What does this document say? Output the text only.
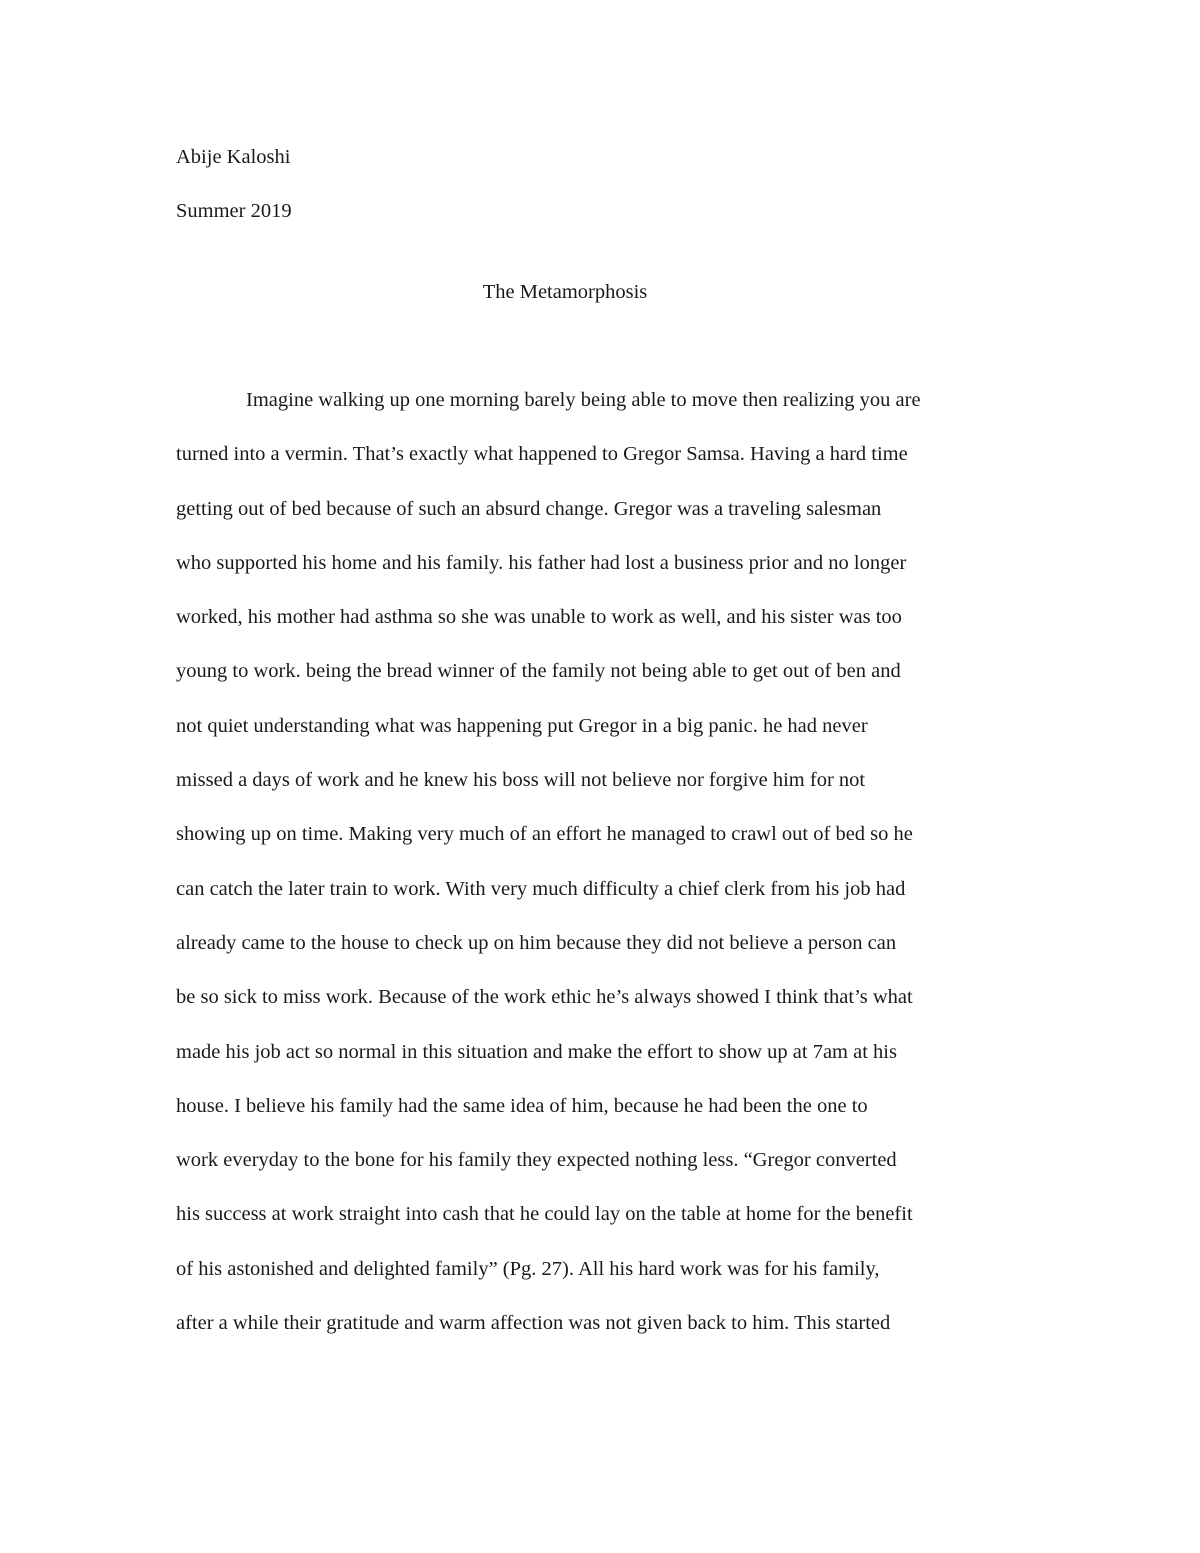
Abije Kaloshi
Summer 2019
The Metamorphosis
Imagine walking up one morning barely being able to move then realizing you are
turned into a vermin. That’s exactly what happened to Gregor Samsa. Having a hard time
getting out of bed because of such an absurd change. Gregor was a traveling salesman
who supported his home and his family. his father had lost a business prior and no longer
worked, his mother had asthma so she was unable to work as well, and his sister was too
young to work. being the bread winner of the family not being able to get out of ben and
not quiet understanding what was happening put Gregor in a big panic. he had never
missed a days of work and he knew his boss will not believe nor forgive him for not
showing up on time. Making very much of an effort he managed to crawl out of bed so he
can catch the later train to work. With very much difficulty a chief clerk from his job had
already came to the house to check up on him because they did not believe a person can
be so sick to miss work. Because of the work ethic he’s always showed I think that’s what
made his job act so normal in this situation and make the effort to show up at 7am at his
house. I believe his family had the same idea of him, because he had been the one to
work everyday to the bone for his family they expected nothing less. “Gregor converted
his success at work straight into cash that he could lay on the table at home for the benefit
of his astonished and delighted family” (Pg. 27). All his hard work was for his family,
after a while their gratitude and warm affection was not given back to him. This started
